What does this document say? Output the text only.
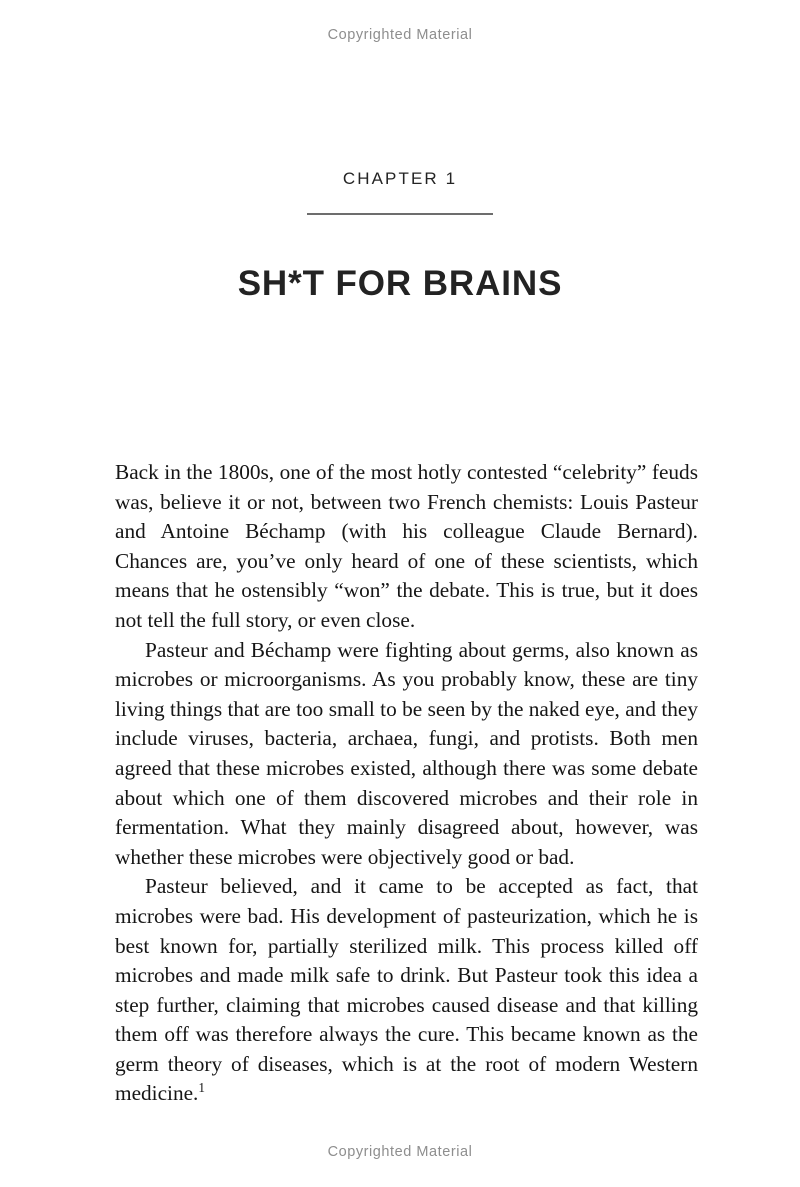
Copyrighted Material
CHAPTER 1
SH*T FOR BRAINS

Back in the 1800s, one of the most hotly contested “celebrity” feuds was, believe it or not, between two French chemists: Louis Pasteur and Antoine Béchamp (with his colleague Claude Bernard). Chances are, you’ve only heard of one of these scientists, which means that he ostensibly “won” the debate. This is true, but it does not tell the full story, or even close.

Pasteur and Béchamp were fighting about germs, also known as microbes or microorganisms. As you probably know, these are tiny living things that are too small to be seen by the naked eye, and they include viruses, bacteria, archaea, fungi, and protists. Both men agreed that these microbes existed, although there was some debate about which one of them discovered microbes and their role in fermentation. What they mainly disagreed about, however, was whether these microbes were objectively good or bad.

Pasteur believed, and it came to be accepted as fact, that microbes were bad. His development of pasteurization, which he is best known for, partially sterilized milk. This process killed off microbes and made milk safe to drink. But Pasteur took this idea a step further, claiming that microbes caused disease and that killing them off was therefore always the cure. This became known as the germ theory of diseases, which is at the root of modern Western medicine.$^1$

Copyrighted Material
